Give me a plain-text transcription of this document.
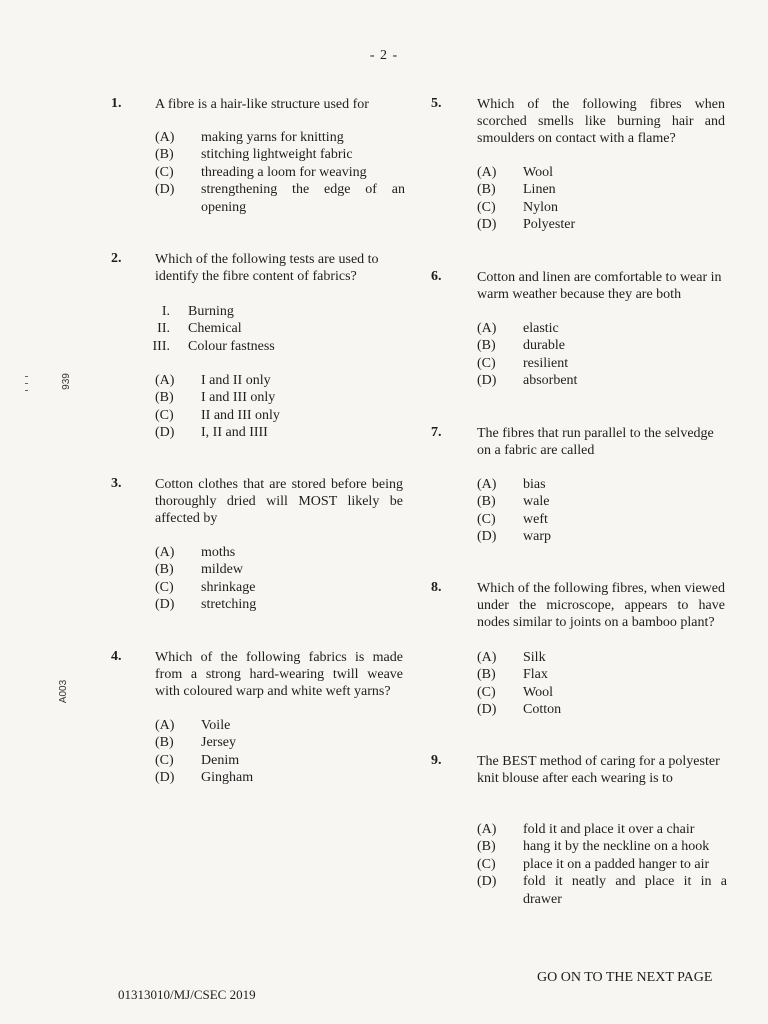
- 2 -
939
A003
1. A fibre is a hair-like structure used for
(A)	making yarns for knitting
(B)	stitching lightweight fabric
(C)	threading a loom for weaving
(D)	strengthening the edge of an opening
2. Which of the following tests are used to identify the fibre content of fabrics?
I.	Burning
II.	Chemical
III.	Colour fastness
(A)	I and II only
(B)	I and III only
(C)	II and III only
(D)	I, II and IIII
3. Cotton clothes that are stored before being thoroughly dried will MOST likely be affected by
(A)	moths
(B)	mildew
(C)	shrinkage
(D)	stretching
4. Which of the following fabrics is made from a strong hard-wearing twill weave with coloured warp and white weft yarns?
(A)	Voile
(B)	Jersey
(C)	Denim
(D)	Gingham
5.	Which of the following fibres when scorched smells like burning hair and smoulders on contact with a flame?
(A)	Wool
(B)	Linen
(C)	Nylon
(D)	Polyester
6.	Cotton and linen are comfortable to wear in warm weather because they are both
(A)	elastic
(B)	durable
(C)	resilient
(D)	absorbent
7.	The fibres that run parallel to the selvedge on a fabric are called
(A)	bias
(B)	wale
(C)	weft
(D)	warp
8.	Which of the following fibres, when viewed under the microscope, appears to have nodes similar to joints on a bamboo plant?
(A)	Silk
(B)	Flax
(C)	Wool
(D)	Cotton
9.	The BEST method of caring for a polyester knit blouse after each wearing is to
(A)	fold it and place it over a chair
(B)	hang it by the neckline on a hook
(C)	place it on a padded hanger to air
(D)	fold it neatly and place it in a drawer
GO ON TO THE NEXT PAGE
01313010/MJ/CSEC 2019
